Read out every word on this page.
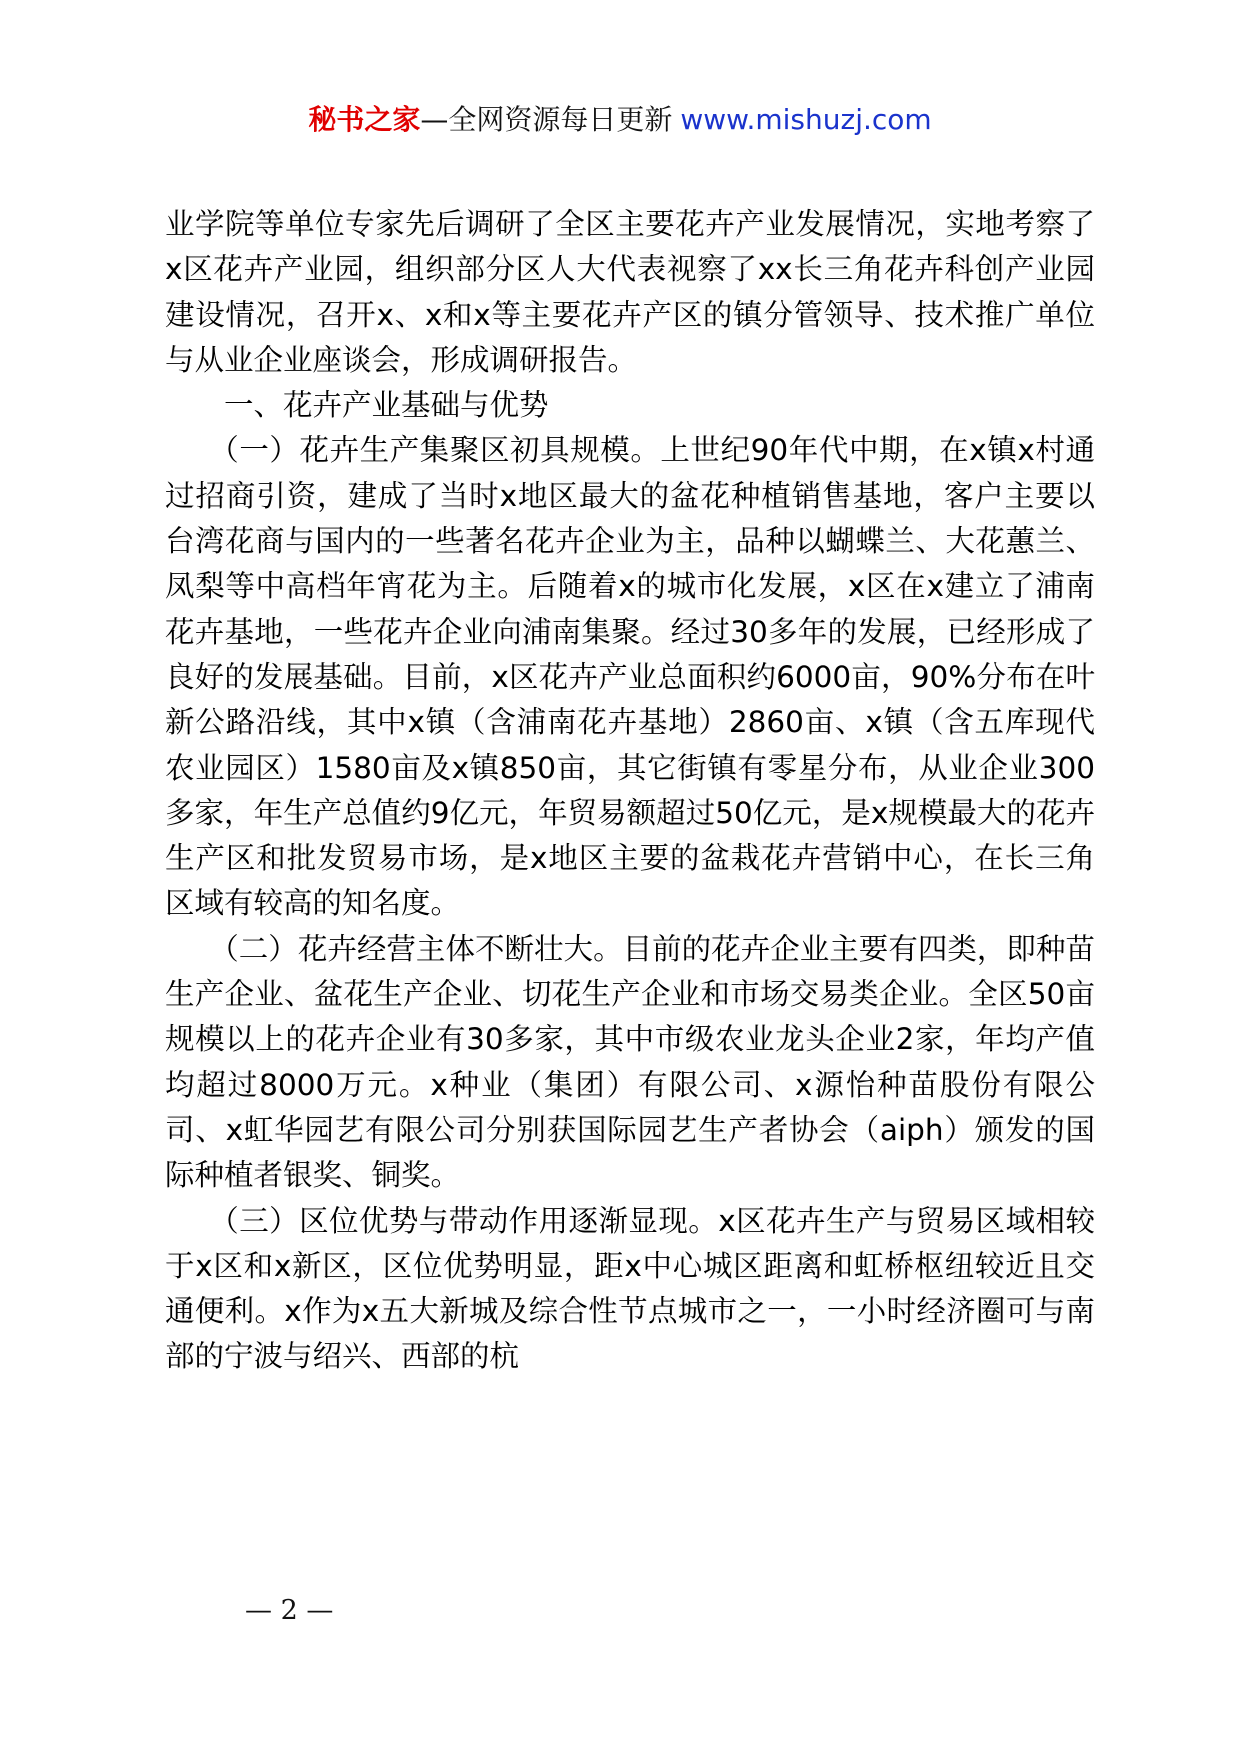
秘书之家—全网资源每日更新 www.mishuzj.com

业学院等单位专家先后调研了全区主要花卉产业发展情况，实地考察了x区花卉产业园，组织部分区人大代表视察了xx长三角花卉科创产业园建设情况，召开x、x和x等主要花卉产区的镇分管领导、技术推广单位与从业企业座谈会，形成调研报告。

一、花卉产业基础与优势

（一）花卉生产集聚区初具规模。上世纪90年代中期，在x镇x村通过招商引资，建成了当时x地区最大的盆花种植销售基地，客户主要以台湾花商与国内的一些著名花卉企业为主，品种以蝴蝶兰、大花蕙兰、凤梨等中高档年宵花为主。后随着x的城市化发展，x区在x建立了浦南花卉基地，一些花卉企业向浦南集聚。经过30多年的发展，已经形成了良好的发展基础。目前，x区花卉产业总面积约6000亩，90%分布在叶新公路沿线，其中x镇（含浦南花卉基地）2860亩、x镇（含五库现代农业园区）1580亩及x镇850亩，其它街镇有零星分布，从业企业300多家，年生产总值约9亿元，年贸易额超过50亿元，是x规模最大的花卉生产区和批发贸易市场，是x地区主要的盆栽花卉营销中心，在长三角区域有较高的知名度。

（二）花卉经营主体不断壮大。目前的花卉企业主要有四类，即种苗生产企业、盆花生产企业、切花生产企业和市场交易类企业。全区50亩规模以上的花卉企业有30多家，其中市级农业龙头企业2家，年均产值均超过8000万元。x种业（集团）有限公司、x源怡种苗股份有限公司、x虹华园艺有限公司分别获国际园艺生产者协会（aiph）颁发的国际种植者银奖、铜奖。

（三）区位优势与带动作用逐渐显现。x区花卉生产与贸易区域相较于x区和x新区，区位优势明显，距x中心城区距离和虹桥枢纽较近且交通便利。x作为x五大新城及综合性节点城市之一，一小时经济圈可与南部的宁波与绍兴、西部的杭

— 2 —
